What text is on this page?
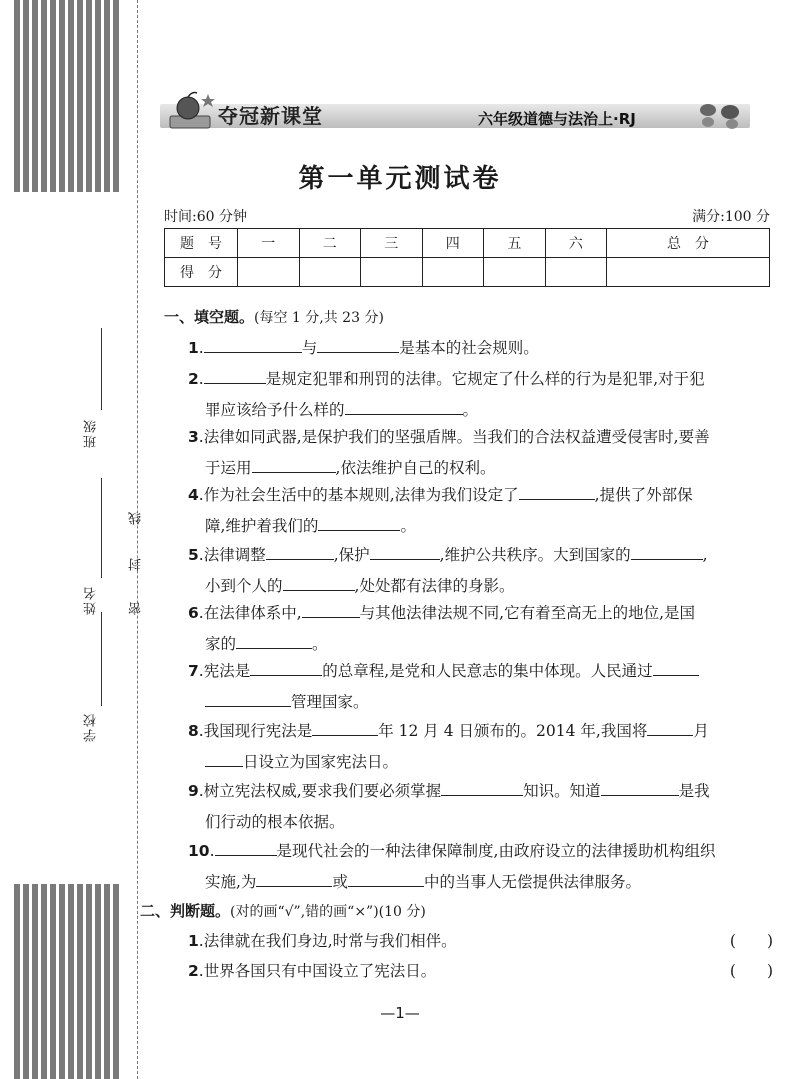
班级
姓名
学校
线
封
密
夺冠新课堂	六年级道德与法治上·RJ
第一单元测试卷
时间:60 分钟	满分:100 分
题　号	一	二	三	四	五	六	总　分
得　分							
一、填空题。(每空 1 分,共 23 分)
1.	与	是基本的社会规则。
2.	是规定犯罪和刑罚的法律。它规定了什么样的行为是犯罪,对于犯
罪应该给予什么样的	。
3.法律如同武器,是保护我们的坚强盾牌。当我们的合法权益遭受侵害时,要善
于运用	,依法维护自己的权利。
4.作为社会生活中的基本规则,法律为我们设定了	,提供了外部保
障,维护着我们的	。
5.法律调整	,保护	,维护公共秩序。大到国家的	,
小到个人的	,处处都有法律的身影。
6.在法律体系中,	与其他法律法规不同,它有着至高无上的地位,是国
家的	。
7.宪法是	的总章程,是党和人民意志的集中体现。人民通过
管理国家。
8.我国现行宪法是	年 12 月 4 日颁布的。2014 年,我国将	月
日设立为国家宪法日。
9.树立宪法权威,要求我们要必须掌握	知识。知道	是我
们行动的根本依据。
10.	是现代社会的一种法律保障制度,由政府设立的法律援助机构组织
实施,为	或	中的当事人无偿提供法律服务。
二、判断题。(对的画“√”,错的画“×”)(10 分)
1.法律就在我们身边,时常与我们相伴。	(　　)
2.世界各国只有中国设立了宪法日。	(　　)
—1—
